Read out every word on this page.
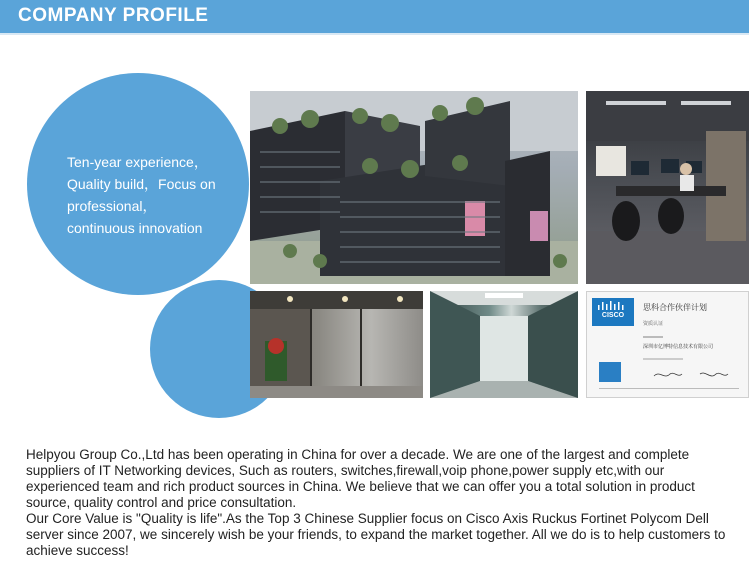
COMPANY PROFILE
Ten-year experience，
Quality build，Focus on
professional，
continuous innovation
CISCO
思科合作伙伴计划
资质认证
深圳市亿博特信息技术有限公司

Helpyou Group Co.,Ltd has been operating in China for over a decade. We are one of the largest and complete suppliers of IT Networking devices, Such as routers, switches,firewall,voip phone,power supply etc,with our experienced team and rich product sources in China. We believe that we can offer you a total solution in product source, quality control and price consultation.

Our Core Value is "Quality is life".As the Top 3 Chinese Supplier focus on Cisco Axis Ruckus Fortinet Polycom Dell server since 2007, we sincerely wish be your friends, to expand the market together. All we do is to help customers to achieve success!
